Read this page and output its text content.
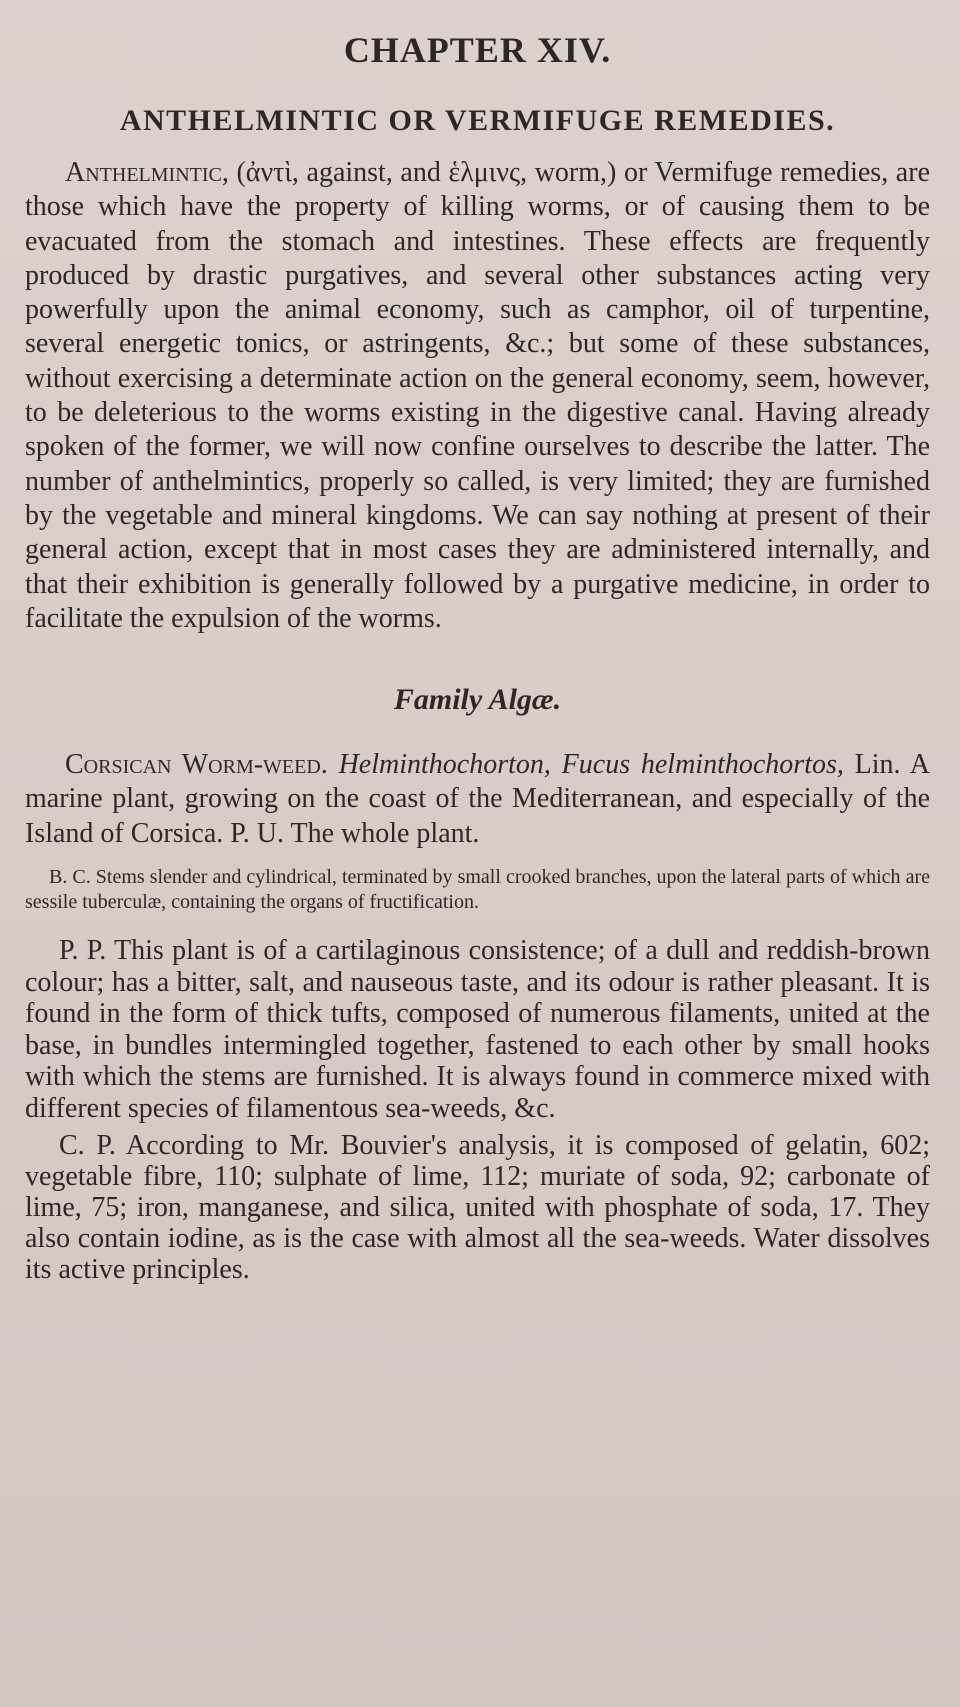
CHAPTER XIV.
ANTHELMINTIC OR VERMIFUGE REMEDIES.

Anthelmintic, (ἀντὶ, against, and ἑλμινς, worm,) or Vermifuge remedies, are those which have the property of killing worms, or of causing them to be evacuated from the stomach and intestines. These effects are frequently produced by drastic purgatives, and several other substances acting very powerfully upon the animal economy, such as camphor, oil of turpentine, several energetic tonics, or astringents, &c.; but some of these substances, without exercising a determinate action on the general economy, seem, however, to be deleterious to the worms existing in the digestive canal. Having already spoken of the former, we will now confine ourselves to describe the latter. The number of anthelmintics, properly so called, is very limited; they are furnished by the vegetable and mineral kingdoms. We can say nothing at present of their general action, except that in most cases they are administered internally, and that their exhibition is generally followed by a purgative medicine, in order to facilitate the expulsion of the worms.

Family Algæ.

Corsican Worm-weed. Helminthochorton, Fucus helminthochortos, Lin. A marine plant, growing on the coast of the Mediterranean, and especially of the Island of Corsica. P. U. The whole plant.

B. C. Stems slender and cylindrical, terminated by small crooked branches, upon the lateral parts of which are sessile tuberculæ, containing the organs of fructification.

P. P. This plant is of a cartilaginous consistence; of a dull and reddish-brown colour; has a bitter, salt, and nauseous taste, and its odour is rather pleasant. It is found in the form of thick tufts, composed of numerous filaments, united at the base, in bundles intermingled together, fastened to each other by small hooks with which the stems are furnished. It is always found in commerce mixed with different species of filamentous sea-weeds, &c.

C. P. According to Mr. Bouvier's analysis, it is composed of gelatin, 602; vegetable fibre, 110; sulphate of lime, 112; muriate of soda, 92; carbonate of lime, 75; iron, manganese, and silica, united with phosphate of soda, 17. They also contain iodine, as is the case with almost all the sea-weeds. Water dissolves its active principles.
